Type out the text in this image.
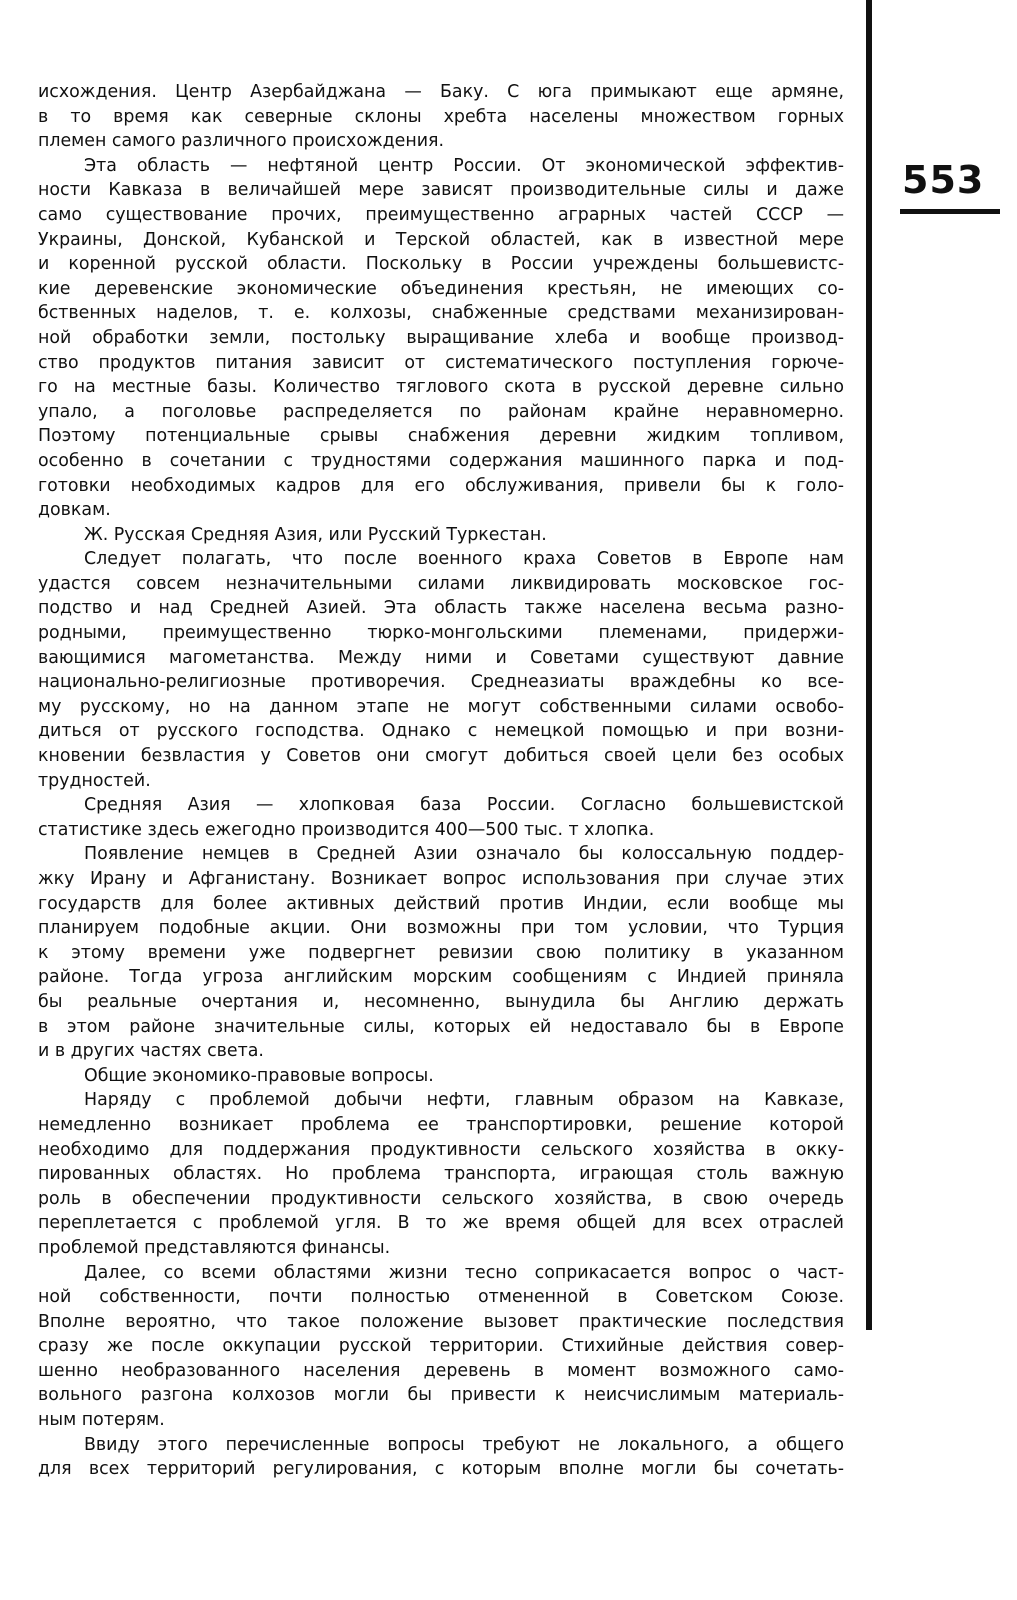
553
исхождения. Центр Азербайджана — Баку. С юга примыкают еще армяне,
в то время как северные склоны хребта населены множеством горных
племен самого различного происхождения.
Эта область — нефтяной центр России. От экономической эффектив-
ности Кавказа в величайшей мере зависят производительные силы и даже
само существование прочих, преимущественно аграрных частей СССР —
Украины, Донской, Кубанской и Терской областей, как в известной мере
и коренной русской области. Поскольку в России учреждены большевистс-
кие деревенские экономические объединения крестьян, не имеющих со-
бственных наделов, т. е. колхозы, снабженные средствами механизирован-
ной обработки земли, постольку выращивание хлеба и вообще производ-
ство продуктов питания зависит от систематического поступления горюче-
го на местные базы. Количество тяглового скота в русской деревне сильно
упало, а поголовье распределяется по районам крайне неравномерно.
Поэтому потенциальные срывы снабжения деревни жидким топливом,
особенно в сочетании с трудностями содержания машинного парка и под-
готовки необходимых кадров для его обслуживания, привели бы к голо-
довкам.
Ж. Русская Средняя Азия, или Русский Туркестан.
Следует полагать, что после военного краха Советов в Европе нам
удастся совсем незначительными силами ликвидировать московское гос-
подство и над Средней Азией. Эта область также населена весьма разно-
родными, преимущественно тюрко-монгольскими племенами, придержи-
вающимися магометанства. Между ними и Советами существуют давние
национально-религиозные противоречия. Среднеазиаты враждебны ко все-
му русскому, но на данном этапе не могут собственными силами освобо-
диться от русского господства. Однако с немецкой помощью и при возни-
кновении безвластия у Советов они смогут добиться своей цели без особых
трудностей.
Средняя Азия — хлопковая база России. Согласно большевистской
статистике здесь ежегодно производится 400—500 тыс. т хлопка.
Появление немцев в Средней Азии означало бы колоссальную поддер-
жку Ирану и Афганистану. Возникает вопрос использования при случае этих
государств для более активных действий против Индии, если вообще мы
планируем подобные акции. Они возможны при том условии, что Турция
к этому времени уже подвергнет ревизии свою политику в указанном
районе. Тогда угроза английским морским сообщениям с Индией приняла
бы реальные очертания и, несомненно, вынудила бы Англию держать
в этом районе значительные силы, которых ей недоставало бы в Европе
и в других частях света.
Общие экономико-правовые вопросы.
Наряду с проблемой добычи нефти, главным образом на Кавказе,
немедленно возникает проблема ее транспортировки, решение которой
необходимо для поддержания продуктивности сельского хозяйства в окку-
пированных областях. Но проблема транспорта, играющая столь важную
роль в обеспечении продуктивности сельского хозяйства, в свою очередь
переплетается с проблемой угля. В то же время общей для всех отраслей
проблемой представляются финансы.
Далее, со всеми областями жизни тесно соприкасается вопрос о част-
ной собственности, почти полностью отмененной в Советском Союзе.
Вполне вероятно, что такое положение вызовет практические последствия
сразу же после оккупации русской территории. Стихийные действия совер-
шенно необразованного населения деревень в момент возможного само-
вольного разгона колхозов могли бы привести к неисчислимым материаль-
ным потерям.
Ввиду этого перечисленные вопросы требуют не локального, а общего
для всех территорий регулирования, с которым вполне могли бы сочетать-
